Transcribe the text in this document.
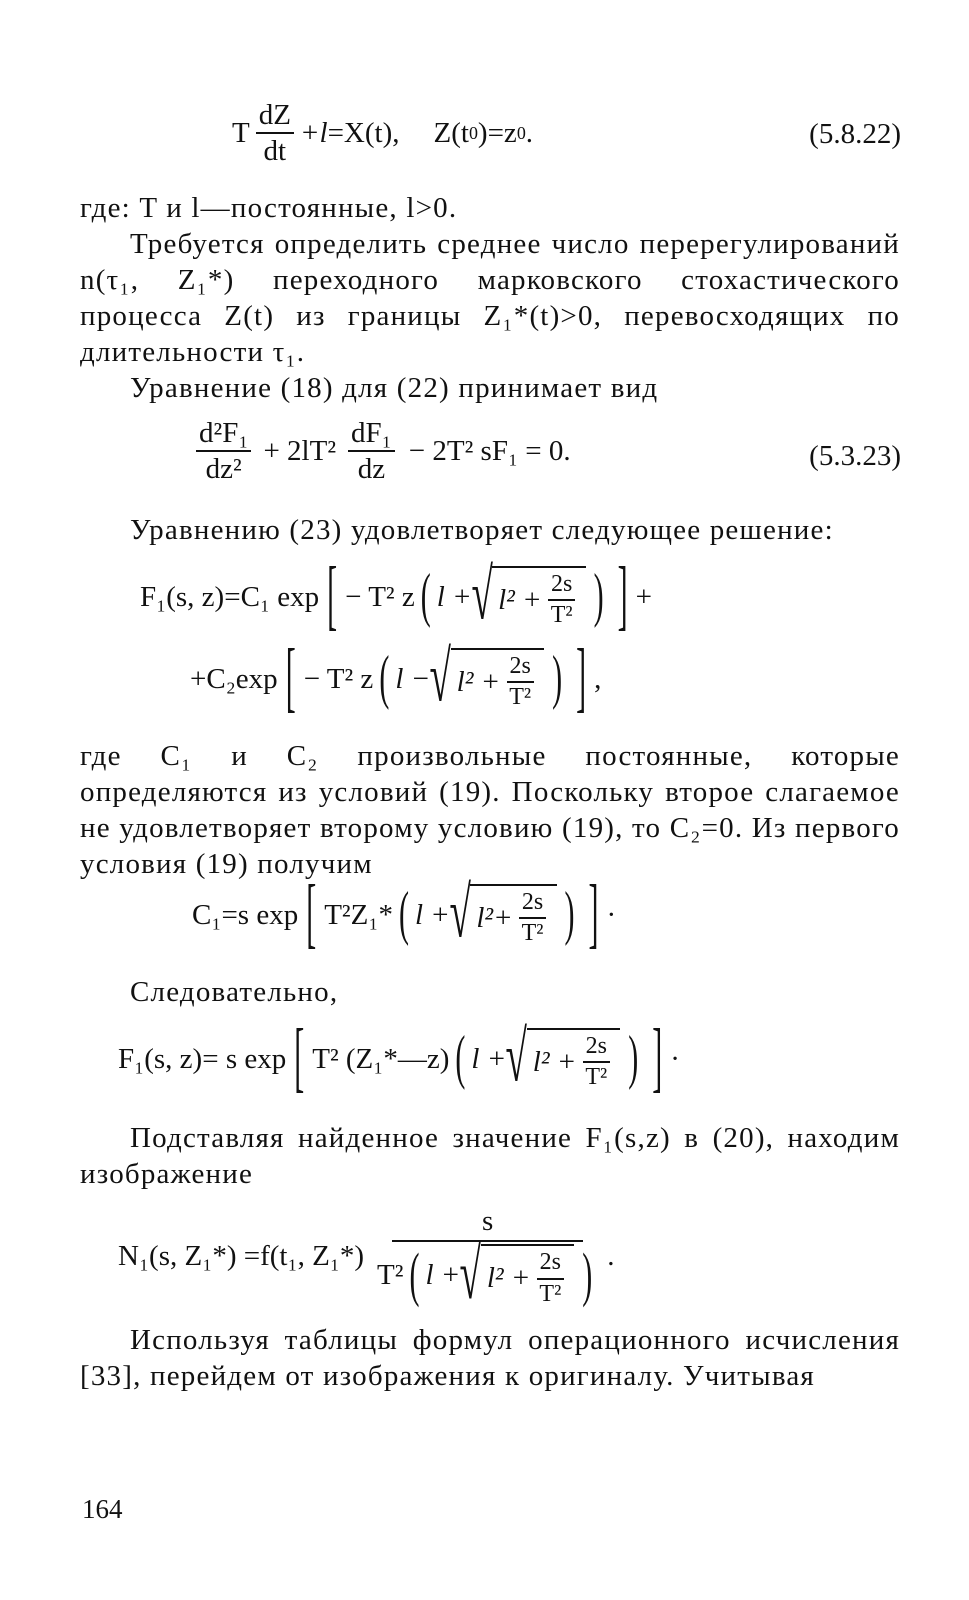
T $\frac{dZ}{dt} +l =X(t)$, Z(t 0 )=z 0 .	(5.8.22)

где: T и l—постоянные, l>0.

Требуется определить среднее число перерегулирований n(τ₁, Z₁*) переходного марковского стохастического процесса Z(t) из границы Z₁*(t)>0, перевосходящих по длительности τ₁.

Уравнение (18) для (22) принимает вид

$\frac{\text{d²F₁}}{\text{dz²}} + 2lT^2 \frac{\text{dF₁}}{dz} - 2T^2$ sF₁ = 0.	(5.3.23)

Уравнению (23) удовлетворяет следующее решение:

F₁(s, z)=C₁ exp [ − T² z ( l + √ $l^2 + \frac{2s}{\text{T²}}$ ) ] +
+C₂exp [ − T² z ( l − √ $l^2 + \frac{2s}{\text{T²}}$ ) ] ,

где C₁ и C₂ произвольные постоянные, которые определяются из условий (19). Поскольку второе слагаемое не удовлетворяет второму условию (19), то C₂=0. Из первого условия (19) получим

C₁=s exp [ T²Z₁* ( l + √ $l^2+ \frac{2s}{\text{T²}}$ ) ] ·

Следовательно,

F₁(s, z)= s exp [ T² (Z₁*—z) ( l + √ $l^2 + \frac{2s}{\text{T²}}$ ) ] ·

Подставляя найденное значение F₁(s,z) в (20), находим изображение

N₁(s, Z₁*) =f(t₁, Z₁*)
s
T² ( l + √ $l^2 + \frac{2s}{\text{T²}}$ ) .

Используя таблицы формул операционного исчисления [33], перейдем от изображения к оригиналу. Учитывая

164
